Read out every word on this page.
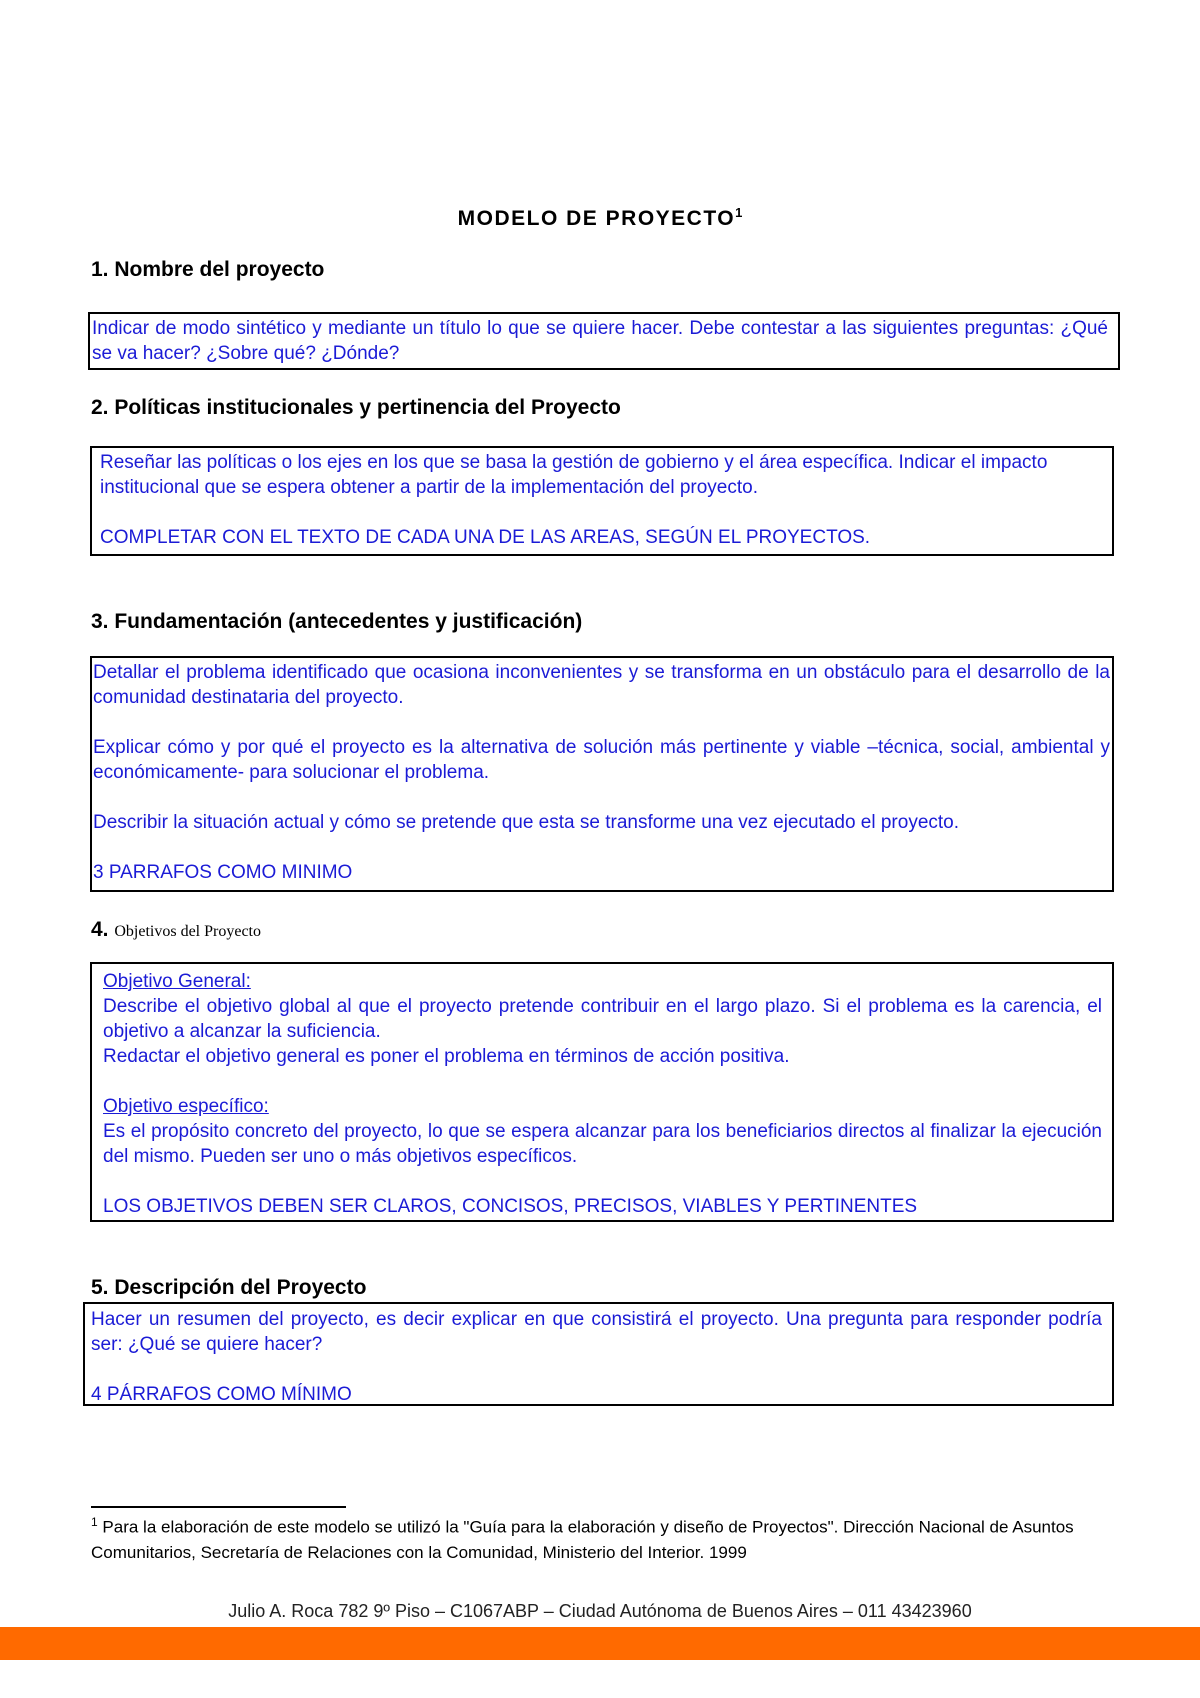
MODELO DE PROYECTO$^1$
1. Nombre del proyecto

Indicar de modo sintético y mediante un título lo que se quiere hacer. Debe contestar a las siguientes preguntas: ¿Qué se va hacer? ¿Sobre qué? ¿Dónde?

2. Políticas institucionales y pertinencia del Proyecto

Reseñar las políticas o los ejes en los que se basa la gestión de gobierno y el área específica. Indicar el impacto institucional que se espera obtener a partir de la implementación del proyecto.

COMPLETAR CON EL TEXTO DE CADA UNA DE LAS AREAS, SEGÚN EL PROYECTOS.

3. Fundamentación (antecedentes y justificación)

Detallar el problema identificado que ocasiona inconvenientes y se transforma en un obstáculo para el desarrollo de la comunidad destinataria del proyecto.

Explicar cómo y por qué el proyecto es la alternativa de solución más pertinente y viable –técnica, social, ambiental y económicamente- para solucionar el problema.

Describir la situación actual y cómo se pretende que esta se transforme una vez ejecutado el proyecto.

3 PARRAFOS COMO MINIMO

4. Objetivos del Proyecto

Objetivo General:

Describe el objetivo global al que el proyecto pretende contribuir en el largo plazo. Si el problema es la carencia, el objetivo a alcanzar la suficiencia.

Redactar el objetivo general es poner el problema en términos de acción positiva.

Objetivo específico:

Es el propósito concreto del proyecto, lo que se espera alcanzar para los beneficiarios directos al finalizar la ejecución del mismo. Pueden ser uno o más objetivos específicos.

LOS OBJETIVOS DEBEN SER CLAROS, CONCISOS, PRECISOS, VIABLES Y PERTINENTES

5. Descripción del Proyecto

Hacer un resumen del proyecto, es decir explicar en que consistirá el proyecto. Una pregunta para responder podría ser: ¿Qué se quiere hacer?

4 PÁRRAFOS COMO MÍNIMO

$^1$ Para la elaboración de este modelo se utilizó la "Guía para la elaboración y diseño de Proyectos". Dirección Nacional de Asuntos Comunitarios, Secretaría de Relaciones con la Comunidad, Ministerio del Interior. 1999
Julio A. Roca 782 9º Piso – C1067ABP – Ciudad Autónoma de Buenos Aires – 011 43423960
